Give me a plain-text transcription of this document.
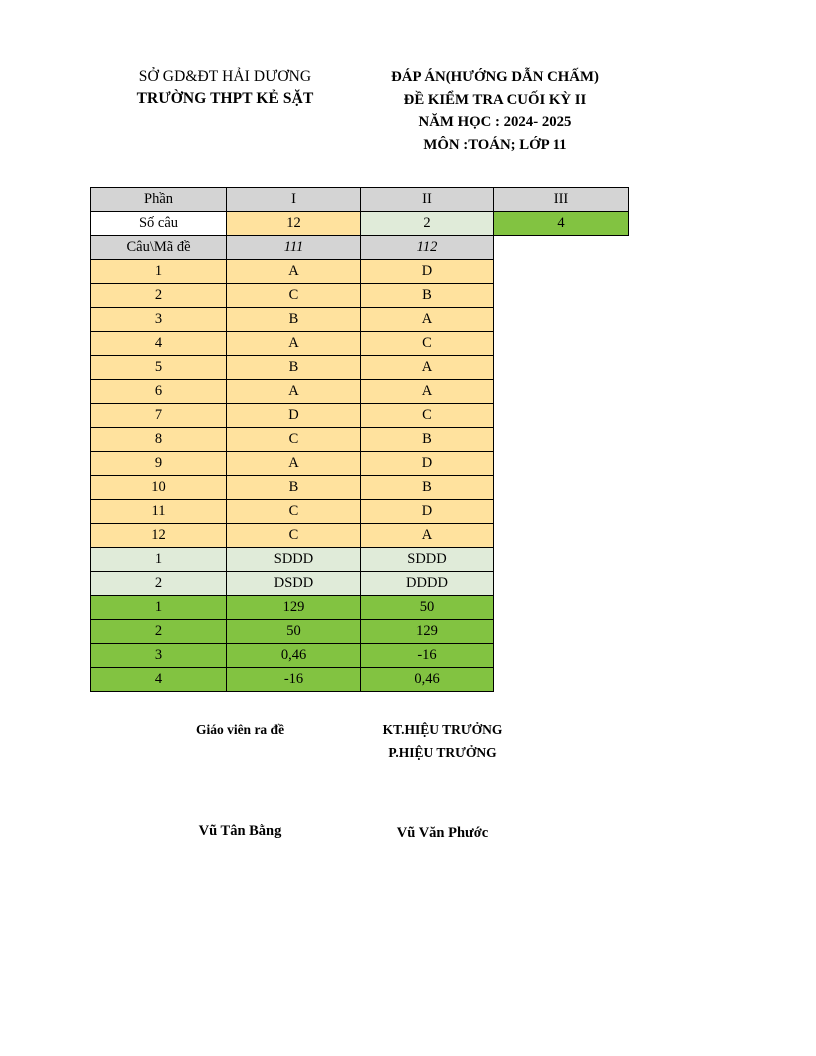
SỞ GD&ĐT HẢI DƯƠNG
TRƯỜNG THPT KẺ SẶT
ĐÁP ÁN(HƯỚNG DẪN CHẤM)
ĐỀ KIỂM TRA CUỐI KỲ II
NĂM HỌC : 2024- 2025
MÔN :TOÁN; LỚP 11
Phần	I	II	III
Số câu	12	2	4
Câu\Mã đề	111	112	
1	A	D	
2	C	B	
3	B	A	
4	A	C	
5	B	A	
6	A	A	
7	D	C	
8	C	B	
9	A	D	
10	B	B	
11	C	D	
12	C	A	
1	SDDD	SDDD	
2	DSDD	DDDD	
1	129	50	
2	50	129	
3	0,46	-16	
4	-16	0,46	
Giáo viên ra đề	KT.HIỆU TRƯỞNG
P.HIỆU TRƯỞNG
Vũ Tân Bằng	Vũ Văn Phước
